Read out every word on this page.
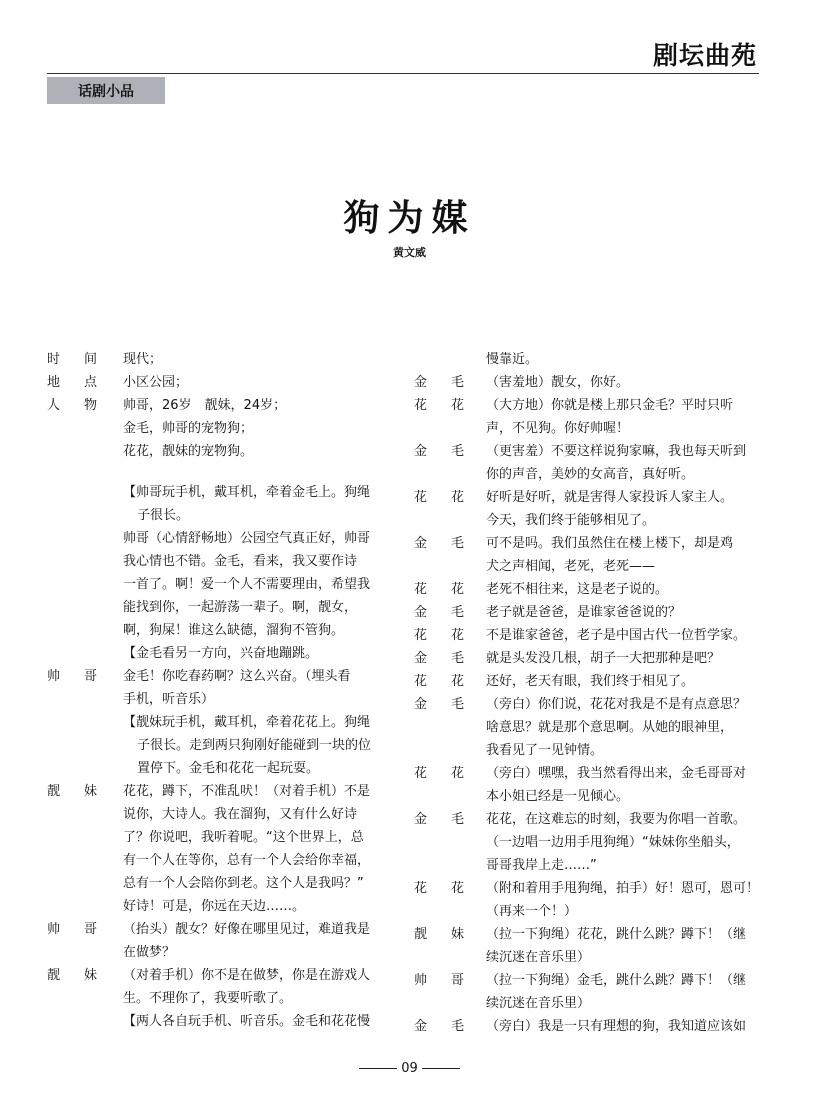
剧坛曲苑
话剧小品
狗为媒
黄文威
时 间 现代；
地 点 小区公园；
人 物 帅哥，26岁　靓妹，24岁；
金毛，帅哥的宠物狗；
花花，靓妹的宠物狗。
【帅哥玩手机，戴耳机，牵着金毛上。狗绳
子很长。
帅哥（心情舒畅地）公园空气真正好，帅哥
我心情也不错。金毛，看来，我又要作诗
一首了。啊！爱一个人不需要理由，希望我
能找到你，一起游荡一辈子。啊，靓女，
啊，狗屎！谁这么缺德，溜狗不管狗。
【金毛看另一方向，兴奋地蹦跳。
帅 哥 金毛！你吃春药啊？这么兴奋。（埋头看
手机，听音乐）
【靓妹玩手机，戴耳机，牵着花花上。狗绳
子很长。走到两只狗刚好能碰到一块的位
置停下。金毛和花花一起玩耍。
靓 妹 花花，蹲下，不准乱吠！（对着手机）不是
说你，大诗人。我在溜狗，又有什么好诗
了？你说吧，我听着呢。“这个世界上，总
有一个人在等你，总有一个人会给你幸福，
总有一个人会陪你到老。这个人是我吗？”
好诗！可是，你远在天边……。
帅 哥 （抬头）靓女？好像在哪里见过，难道我是
在做梦？
靓 妹 （对着手机）你不是在做梦，你是在游戏人
生。不理你了，我要听歌了。
【两人各自玩手机、听音乐。金毛和花花慢
慢靠近。
金 毛 （害羞地）靓女，你好。
花 花 （大方地）你就是楼上那只金毛？平时只听
声，不见狗。你好帅喔！
金 毛 （更害羞）不要这样说狗家嘛，我也每天听到
你的声音，美妙的女高音，真好听。
花 花 好听是好听，就是害得人家投诉人家主人。
今天，我们终于能够相见了。
金 毛 可不是吗。我们虽然住在楼上楼下，却是鸡
犬之声相闻，老死，老死——
花 花 老死不相往来，这是老子说的。
金 毛 老子就是爸爸，是谁家爸爸说的？
花 花 不是谁家爸爸，老子是中国古代一位哲学家。
金 毛 就是头发没几根，胡子一大把那种是吧？
花 花 还好，老天有眼，我们终于相见了。
金 毛 （旁白）你们说，花花对我是不是有点意思？
啥意思？就是那个意思啊。从她的眼神里，
我看见了一见钟情。
花 花 （旁白）嘿嘿，我当然看得出来，金毛哥哥对
本小姐已经是一见倾心。
金 毛 花花，在这难忘的时刻，我要为你唱一首歌。
（一边唱一边用手甩狗绳）“妹妹你坐船头，
哥哥我岸上走……”
花 花 （附和着用手甩狗绳，拍手）好！恩可，恩可！
（再来一个！）
靓 妹 （拉一下狗绳）花花，跳什么跳？蹲下！（继
续沉迷在音乐里）
帅 哥 （拉一下狗绳）金毛，跳什么跳？蹲下！（继
续沉迷在音乐里）
金 毛 （旁白）我是一只有理想的狗，我知道应该如
09
